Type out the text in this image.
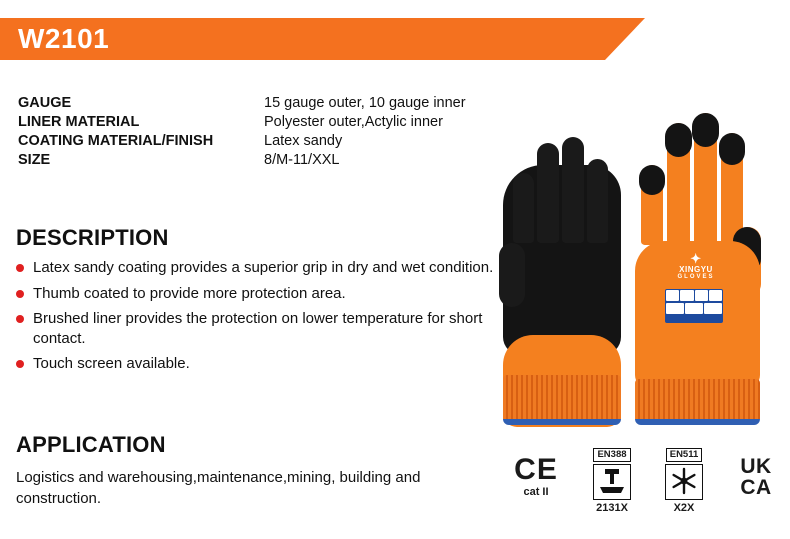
W2101
GAUGE	15 gauge outer, 10 gauge inner
LINER MATERIAL	Polyester outer,Actylic inner
COATING MATERIAL/FINISH	Latex sandy
SIZE	8/M-11/XXL
DESCRIPTION
Latex sandy coating provides a superior grip in dry and wet condition.
Thumb coated to provide more protection area.
Brushed liner provides the protection on lower temperature for short contact.
Touch screen available.
APPLICATION
Logistics and warehousing,maintenance,mining, building and construction.
✦
XINGYU
GLOVES
CE
cat II
EN388
2131X
EN511
X2X
UK
CA
